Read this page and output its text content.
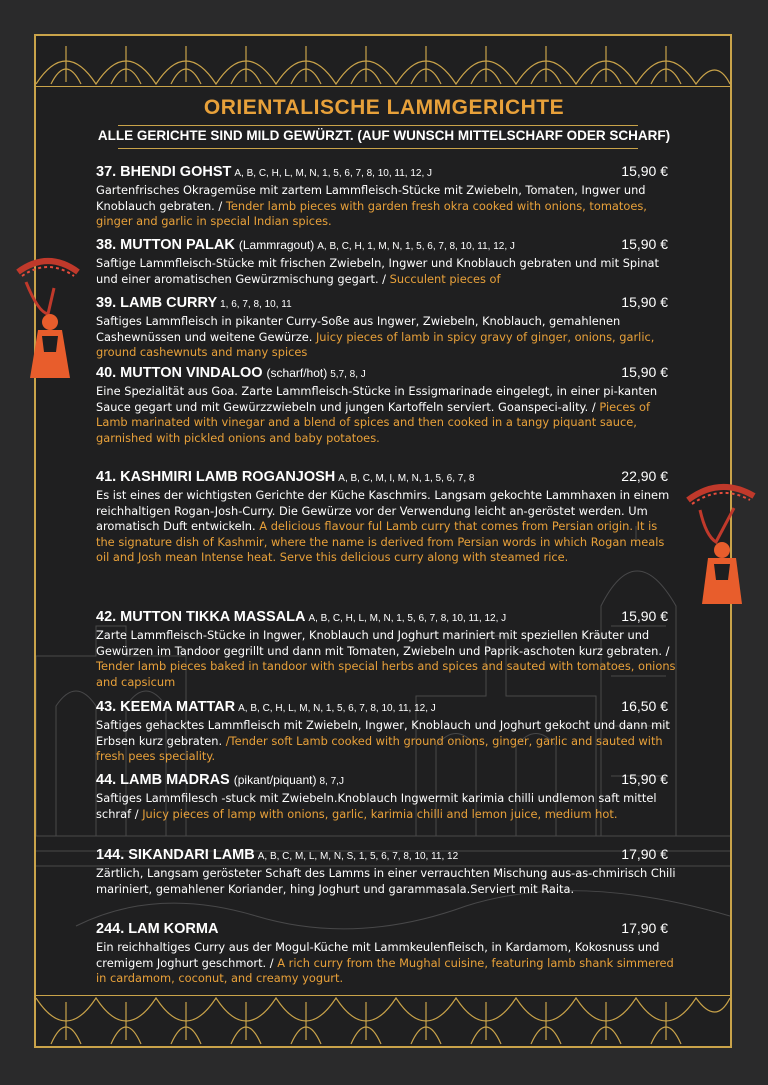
ORIENTALISCHE LAMMGERICHTE
ALLE GERICHTE SIND MILD GEWÜRZT. (AUF WUNSCH MITTELSCHARF ODER SCHARF)
37. BHENDI GOHST A, B, C, H, L, M, N, 1, 5, 6, 7, 8, 10, 11, 12, J	15,90 €
Gartenfrisches Okragemüse mit zartem Lammfleisch-Stücke mit Zwiebeln, Tomaten, Ingwer und Knoblauch gebraten. / Tender lamb pieces with garden fresh okra cooked with onions, tomatoes, ginger and garlic in special Indian spices.
38. MUTTON PALAK (Lammragout) A, B, C, H, 1, M, N, 1, 5, 6, 7, 8, 10, 11, 12, J	15,90 €
Saftige Lammfleisch-Stücke mit frischen Zwiebeln, Ingwer und Knoblauch gebraten und mit Spinat und einer aromatischen Gewürzmischung gegart. / Succulent pieces of
39. LAMB CURRY 1, 6, 7, 8, 10, 11	15,90 €
Saftiges Lammfleisch in pikanter Curry-Soße aus Ingwer, Zwiebeln, Knoblauch, gemahlenen Cashewnüssen und weitene Gewürze. Juicy pieces of lamb in spicy gravy of ginger, onions, garlic, ground cashewnuts and many spices
40. MUTTON VINDALOO (scharf/hot) 5,7, 8, J	15,90 €
Eine Spezialität aus Goa. Zarte Lammfleisch-Stücke in Essigmarinade eingelegt, in einer pi-kanten Sauce gegart und mit Gewürzzwiebeln und jungen Kartoffeln serviert. Goanspeci-ality. / Pieces of Lamb marinated with vinegar and a blend of spices and then cooked in a tangy piquant sauce, garnished with pickled onions and baby potatoes.
41. KASHMIRI LAMB ROGANJOSH A, B, C, M, I, M, N, 1, 5, 6, 7, 8	22,90 €
Es ist eines der wichtigsten Gerichte der Küche Kaschmirs. Langsam gekochte Lammhaxen in einem reichhaltigen Rogan-Josh-Curry. Die Gewürze vor der Verwendung leicht an-geröstet werden. Um aromatisch Duft entwickeln. A delicious flavour ful Lamb curry that comes from Persian origin. It is the signature dish of Kashmir, where the name is derived from Persian words in which Rogan meals oil and Josh mean Intense heat. Serve this delicious curry along with steamed rice.
42. MUTTON TIKKA MASSALA A, B, C, H, L, M, N, 1, 5, 6, 7, 8, 10, 11, 12, J	15,90 €
Zarte Lammfleisch-Stücke in Ingwer, Knoblauch und Joghurt mariniert mit speziellen Kräuter und Gewürzen im Tandoor gegrillt und dann mit Tomaten, Zwiebeln und Paprik-aschoten kurz gebraten. / Tender lamb pieces baked in tandoor with special herbs and spices and sauted with tomatoes, onions and capsicum
43. KEEMA MATTAR A, B, C, H, L, M, N, 1, 5, 6, 7, 8, 10, 11, 12, J	16,50 €
Saftiges gehacktes Lammfleisch mit Zwiebeln, Ingwer, Knoblauch und Joghurt gekocht und dann mit Erbsen kurz gebraten. /Tender soft Lamb cooked with ground onions, ginger, garlic and sauted with fresh pees speciality.
44. LAMB MADRAS (pikant/piquant) 8, 7,J	15,90 €
Saftiges Lammfilesch -stuck mit Zwiebeln.Knoblauch Ingwermit karimia chilli undlemon saft mittel schraf / Juicy pieces of lamp with onions, garlic, karimia chilli and lemon juice, medium hot.
144. SIKANDARI LAMB A, B, C, M, L, M, N, S, 1, 5, 6, 7, 8, 10, 11, 12	17,90 €
Zärtlich, Langsam gerösteter Schaft des Lamms in einer verrauchten Mischung aus-as-chmirisch Chili mariniert, gemahlener Koriander, hing Joghurt und garammasala.Serviert mit Raita.
244. LAM KORMA	17,90 €
Ein reichhaltiges Curry aus der Mogul-Küche mit Lammkeulenfleisch, in Kardamom, Kokosnuss und cremigem Joghurt geschmort. / A rich curry from the Mughal cuisine, featuring lamb shank simmered in cardamom, coconut, and creamy yogurt.
